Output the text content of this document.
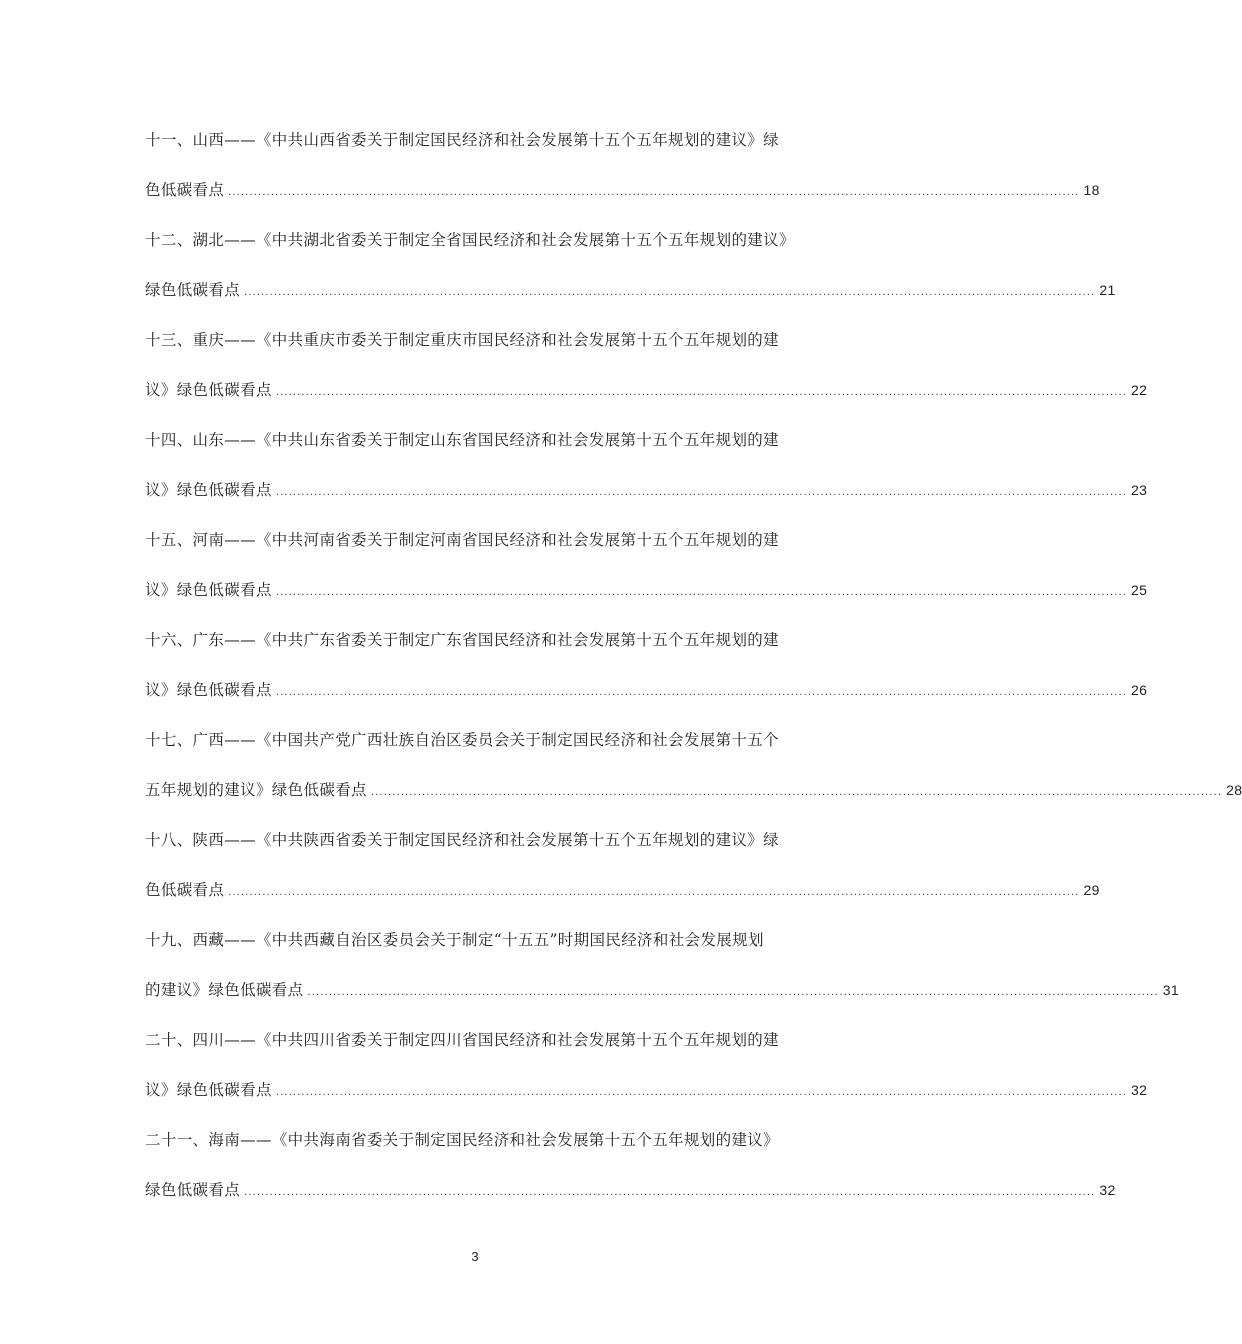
十一、山西——《中共山西省委关于制定国民经济和社会发展第十五个五年规划的建议》绿
色低碳看点 ........................................................................................................................................................................................................ 18
十二、湖北——《中共湖北省委关于制定全省国民经济和社会发展第十五个五年规划的建议》
绿色低碳看点 ........................................................................................................................................................................................................ 21
十三、重庆——《中共重庆市委关于制定重庆市国民经济和社会发展第十五个五年规划的建
议》绿色低碳看点 ........................................................................................................................................................................................................ 22
十四、山东——《中共山东省委关于制定山东省国民经济和社会发展第十五个五年规划的建
议》绿色低碳看点 ........................................................................................................................................................................................................ 23
十五、河南——《中共河南省委关于制定河南省国民经济和社会发展第十五个五年规划的建
议》绿色低碳看点 ........................................................................................................................................................................................................ 25
十六、广东——《中共广东省委关于制定广东省国民经济和社会发展第十五个五年规划的建
议》绿色低碳看点 ........................................................................................................................................................................................................ 26
十七、广西——《中国共产党广西壮族自治区委员会关于制定国民经济和社会发展第十五个
五年规划的建议》绿色低碳看点 ........................................................................................................................................................................................................ 28
十八、陕西——《中共陕西省委关于制定国民经济和社会发展第十五个五年规划的建议》绿
色低碳看点 ........................................................................................................................................................................................................ 29
十九、西藏——《中共西藏自治区委员会关于制定“十五五”时期国民经济和社会发展规划
的建议》绿色低碳看点 ........................................................................................................................................................................................................ 31
二十、四川——《中共四川省委关于制定四川省国民经济和社会发展第十五个五年规划的建
议》绿色低碳看点 ........................................................................................................................................................................................................ 32
二十一、海南——《中共海南省委关于制定国民经济和社会发展第十五个五年规划的建议》
绿色低碳看点 ........................................................................................................................................................................................................ 32
3
